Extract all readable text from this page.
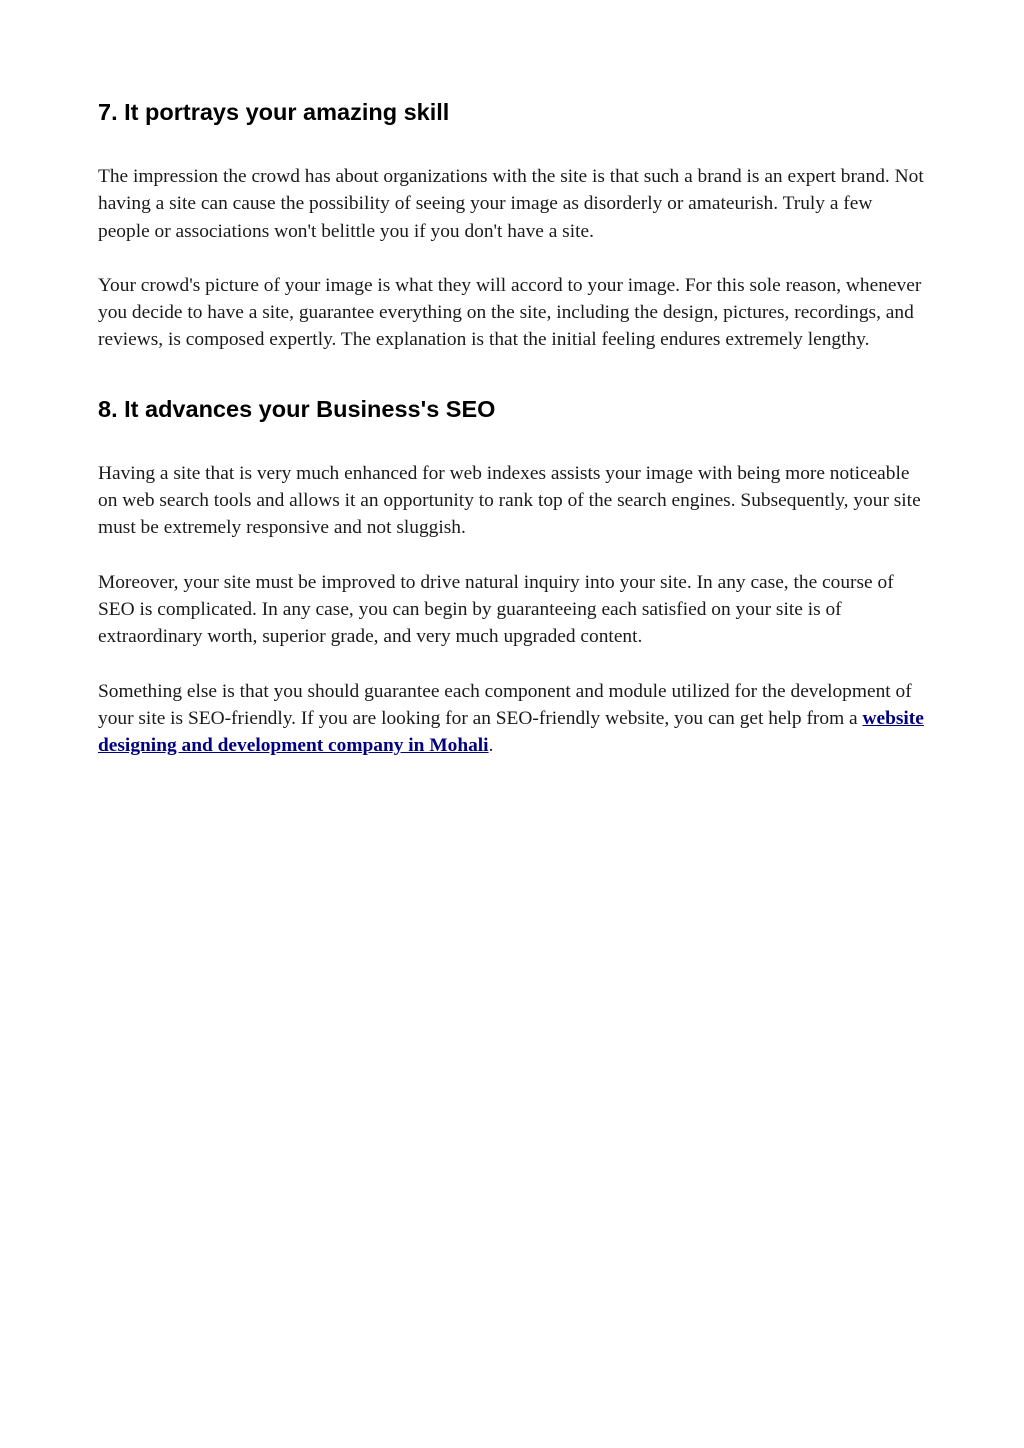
7. It portrays your amazing skill

The impression the crowd has about organizations with the site is that such a brand is an expert brand. Not having a site can cause the possibility of seeing your image as disorderly or amateurish. Truly a few people or associations won't belittle you if you don't have a site.

Your crowd's picture of your image is what they will accord to your image. For this sole reason, whenever you decide to have a site, guarantee everything on the site, including the design, pictures, recordings, and reviews, is composed expertly. The explanation is that the initial feeling endures extremely lengthy.

8. It advances your Business's SEO

Having a site that is very much enhanced for web indexes assists your image with being more noticeable on web search tools and allows it an opportunity to rank top of the search engines. Subsequently, your site must be extremely responsive and not sluggish.

Moreover, your site must be improved to drive natural inquiry into your site. In any case, the course of SEO is complicated. In any case, you can begin by guaranteeing each satisfied on your site is of extraordinary worth, superior grade, and very much upgraded content.

Something else is that you should guarantee each component and module utilized for the development of your site is SEO-friendly. If you are looking for an SEO-friendly website, you can get help from a website designing and development company in Mohali.
